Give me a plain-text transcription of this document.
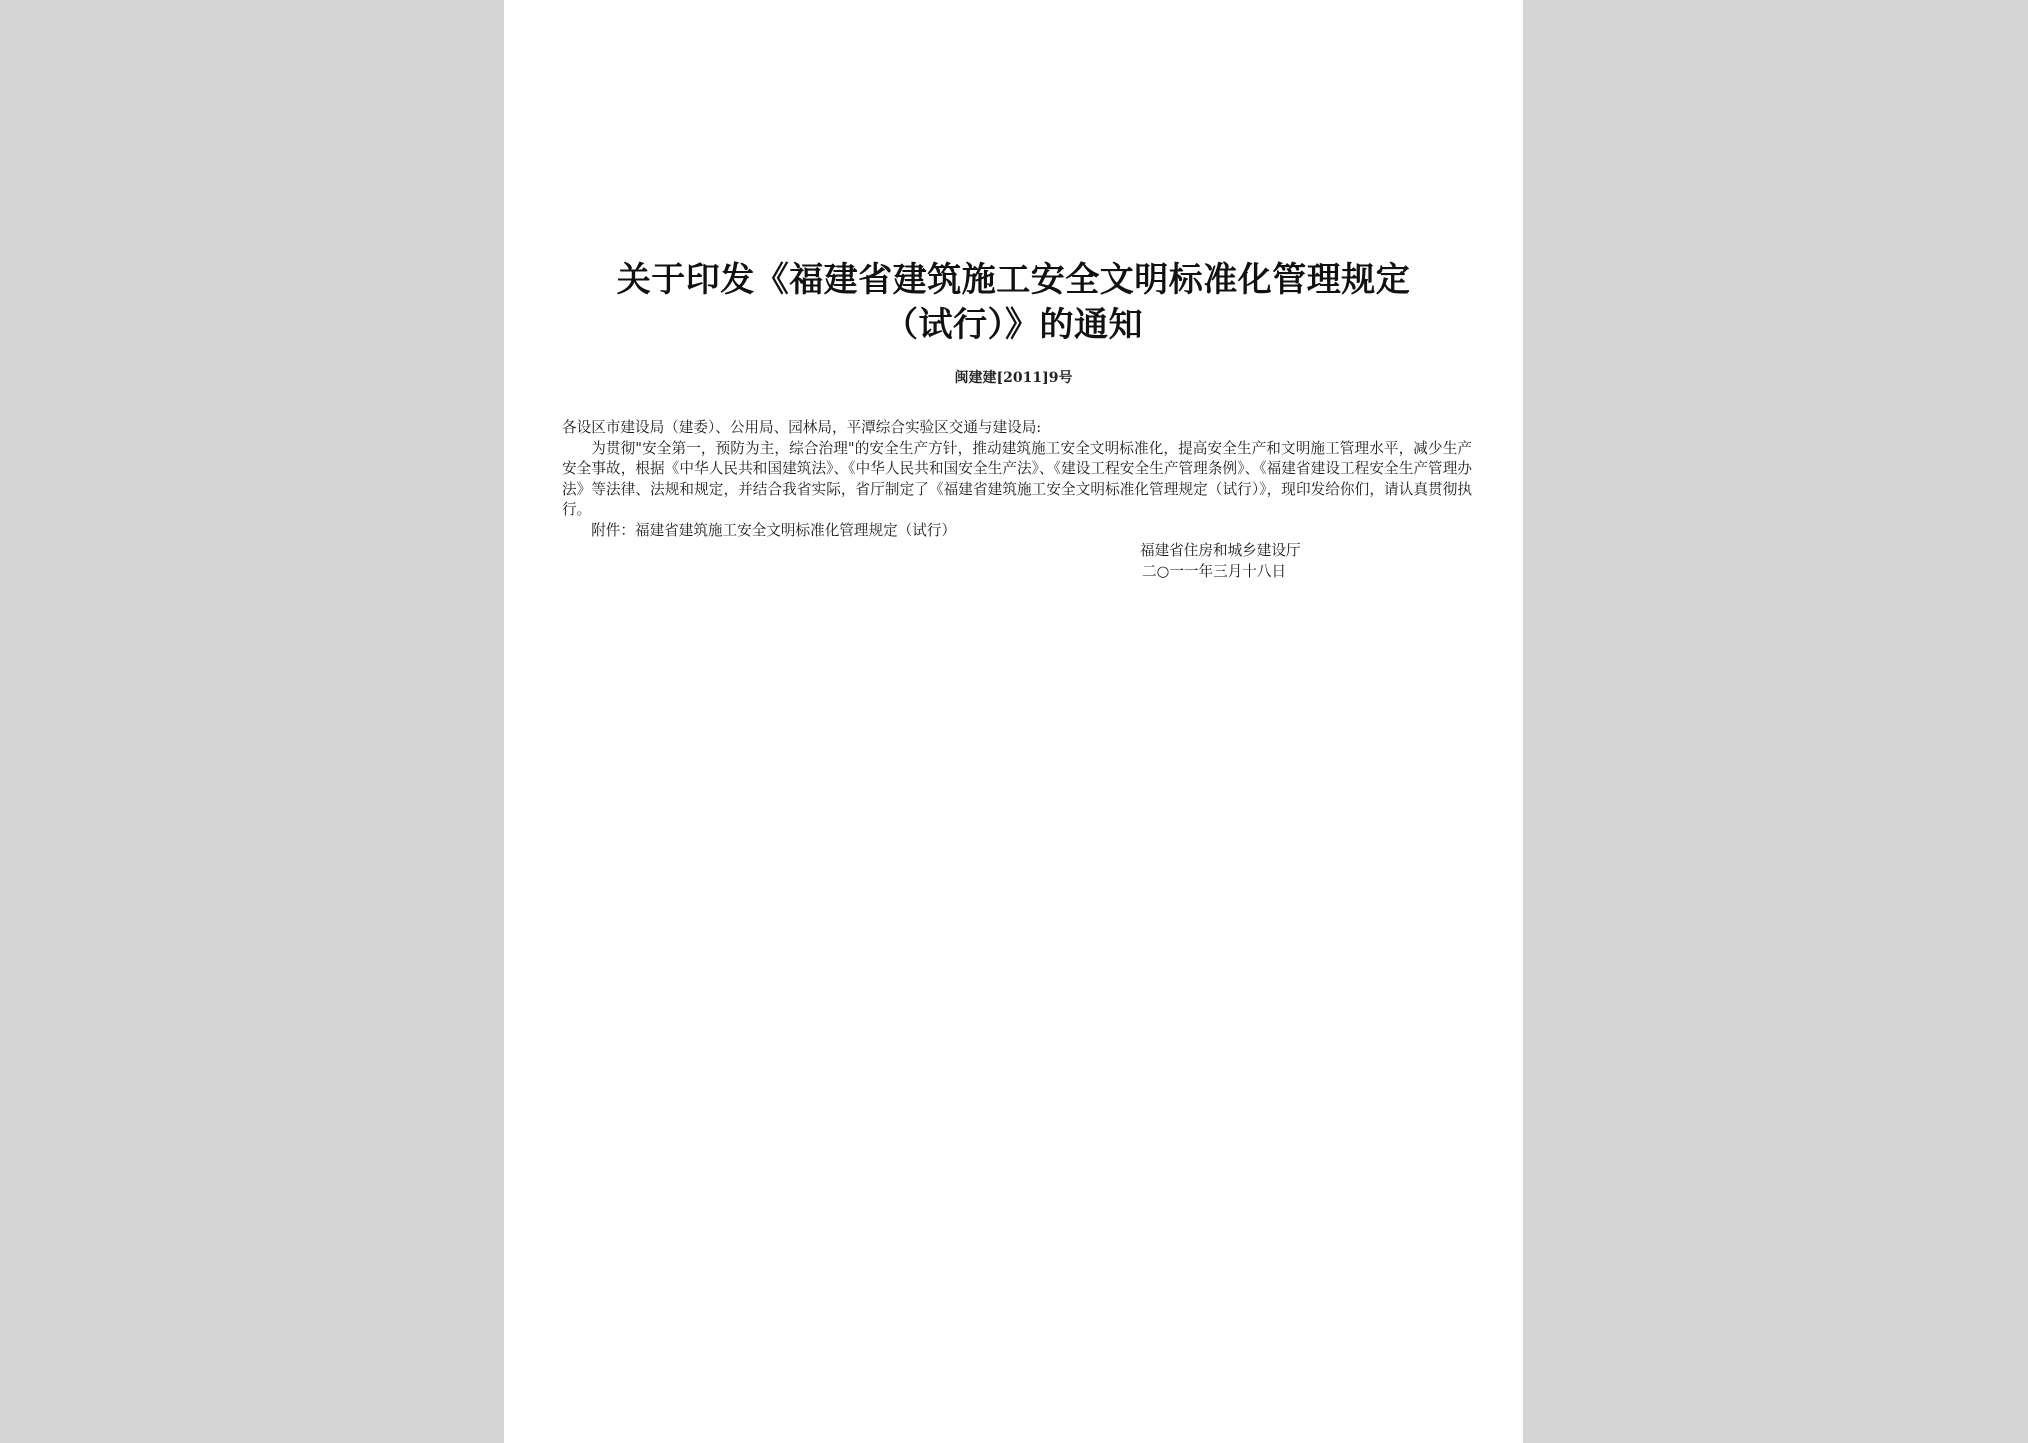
关于印发《福建省建筑施工安全文明标准化管理规定
（试行）》的通知
闽建建[2011]9号

各设区市建设局（建委）、公用局、园林局，平潭综合实验区交通与建设局:

为贯彻"安全第一，预防为主，综合治理"的安全生产方针，推动建筑施工安全文明标准化，提高安全生产和文明施工管理水平，减少生产安全事故，根据《中华人民共和国建筑法》、《中华人民共和国安全生产法》、《建设工程安全生产管理条例》、《福建省建设工程安全生产管理办法》等法律、法规和规定，并结合我省实际，省厅制定了《福建省建筑施工安全文明标准化管理规定（试行）》，现印发给你们，请认真贯彻执行。

附件：福建省建筑施工安全文明标准化管理规定（试行）

福建省住房和城乡建设厅
二○一一年三月十八日
